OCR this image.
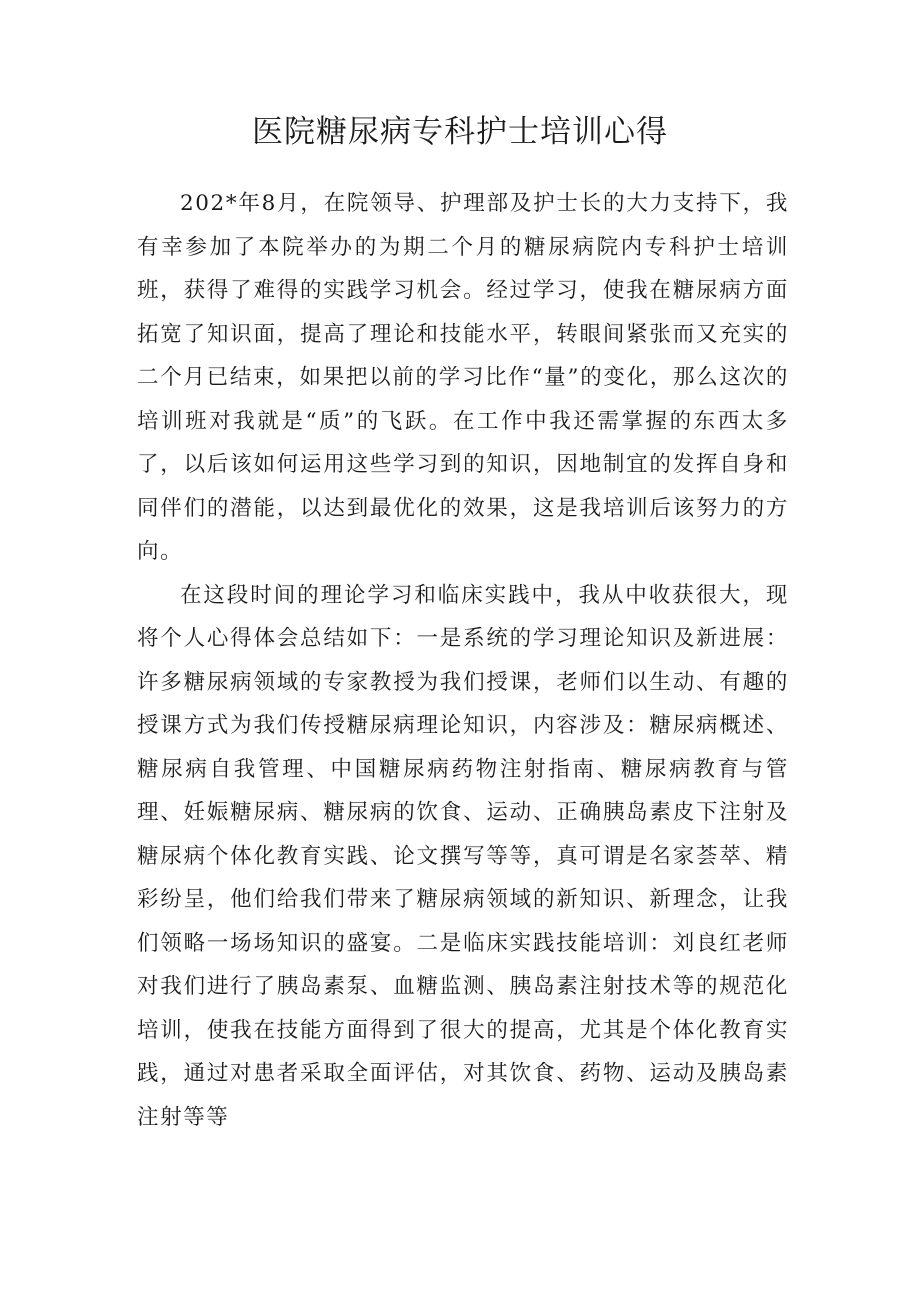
医院糖尿病专科护士培训心得

202*年8月，在院领导、护理部及护士长的大力支持下，我有幸参加了本院举办的为期二个月的糖尿病院内专科护士培训班，获得了难得的实践学习机会。经过学习，使我在糖尿病方面拓宽了知识面，提高了理论和技能水平，转眼间紧张而又充实的二个月已结束，如果把以前的学习比作“量”的变化，那么这次的培训班对我就是“质”的飞跃。在工作中我还需掌握的东西太多了，以后该如何运用这些学习到的知识，因地制宜的发挥自身和同伴们的潜能，以达到最优化的效果，这是我培训后该努力的方向。

在这段时间的理论学习和临床实践中，我从中收获很大，现将个人心得体会总结如下：一是系统的学习理论知识及新进展：许多糖尿病领域的专家教授为我们授课，老师们以生动、有趣的授课方式为我们传授糖尿病理论知识，内容涉及：糖尿病概述、糖尿病自我管理、中国糖尿病药物注射指南、糖尿病教育与管理、妊娠糖尿病、糖尿病的饮食、运动、正确胰岛素皮下注射及糖尿病个体化教育实践、论文撰写等等，真可谓是名家荟萃、精彩纷呈，他们给我们带来了糖尿病领域的新知识、新理念，让我们领略一场场知识的盛宴。二是临床实践技能培训：刘良红老师对我们进行了胰岛素泵、血糖监测、胰岛素注射技术等的规范化培训，使我在技能方面得到了很大的提高，尤其是个体化教育实践，通过对患者采取全面评估，对其饮食、药物、运动及胰岛素注射等等
